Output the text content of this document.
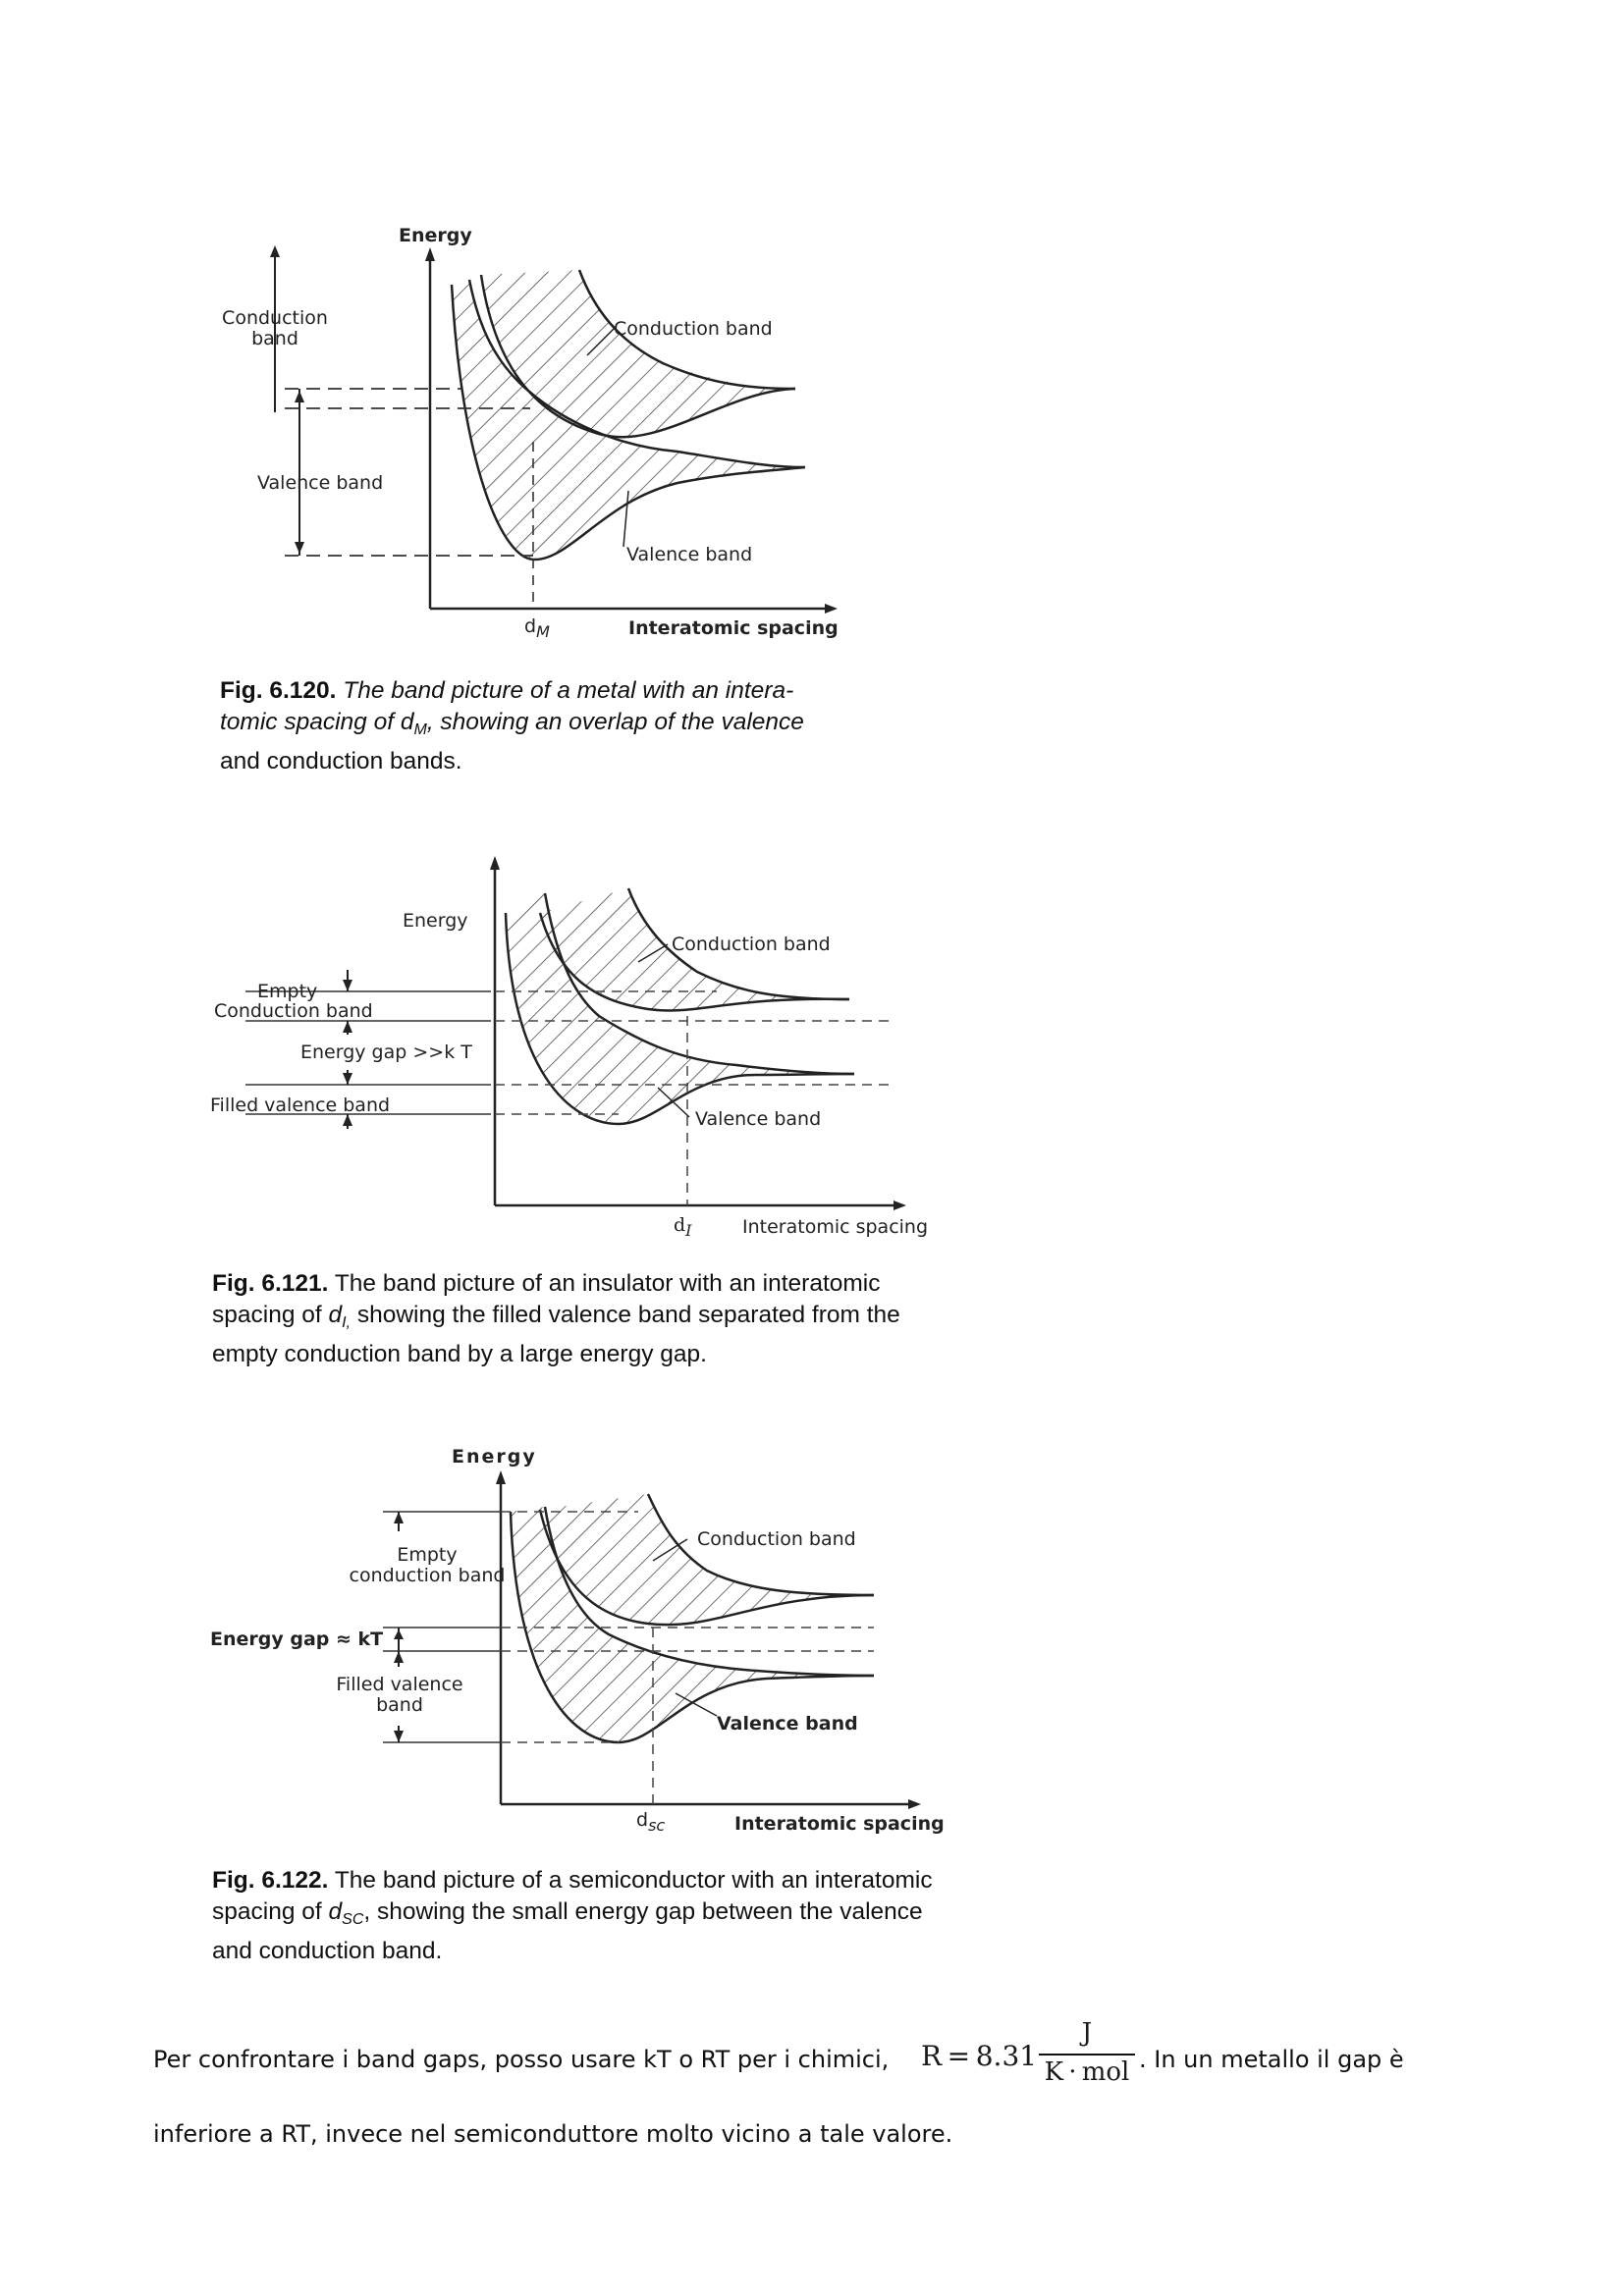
Energy
Conduction
band
Valence band
Conduction band
Valence band
$d_M$	Interatomic spacing
Fig. 6.120. The band picture of a metal with an intera-
tomic spacing of $d_M$, showing an overlap of the valence
and conduction bands.
Energy
Empty
Conduction band
Energy gap >>k T
Filled valence band
Conduction band
Valence band
$d_I$	Interatomic spacing
Fig. 6.121. The band picture of an insulator with an interatomic
spacing of $d_{I,}$ showing the filled valence band separated from the
empty conduction band by a large energy gap.
Energy
Empty
conduction band
Energy gap ≈ kT
Filled valence
band
Conduction band
Valence band
$d_{sc}$	Interatomic spacing
Fig. 6.122. The band picture of a semiconductor with an interatomic
spacing of $d_{SC}$, showing the small energy gap between the valence
and conduction band.
Per confrontare i band gaps, posso usare kT o RT per i chimici, R = 8.31
J
K · mol . In un metallo il gap è
inferiore a RT, invece nel semiconduttore molto vicino a tale valore.
